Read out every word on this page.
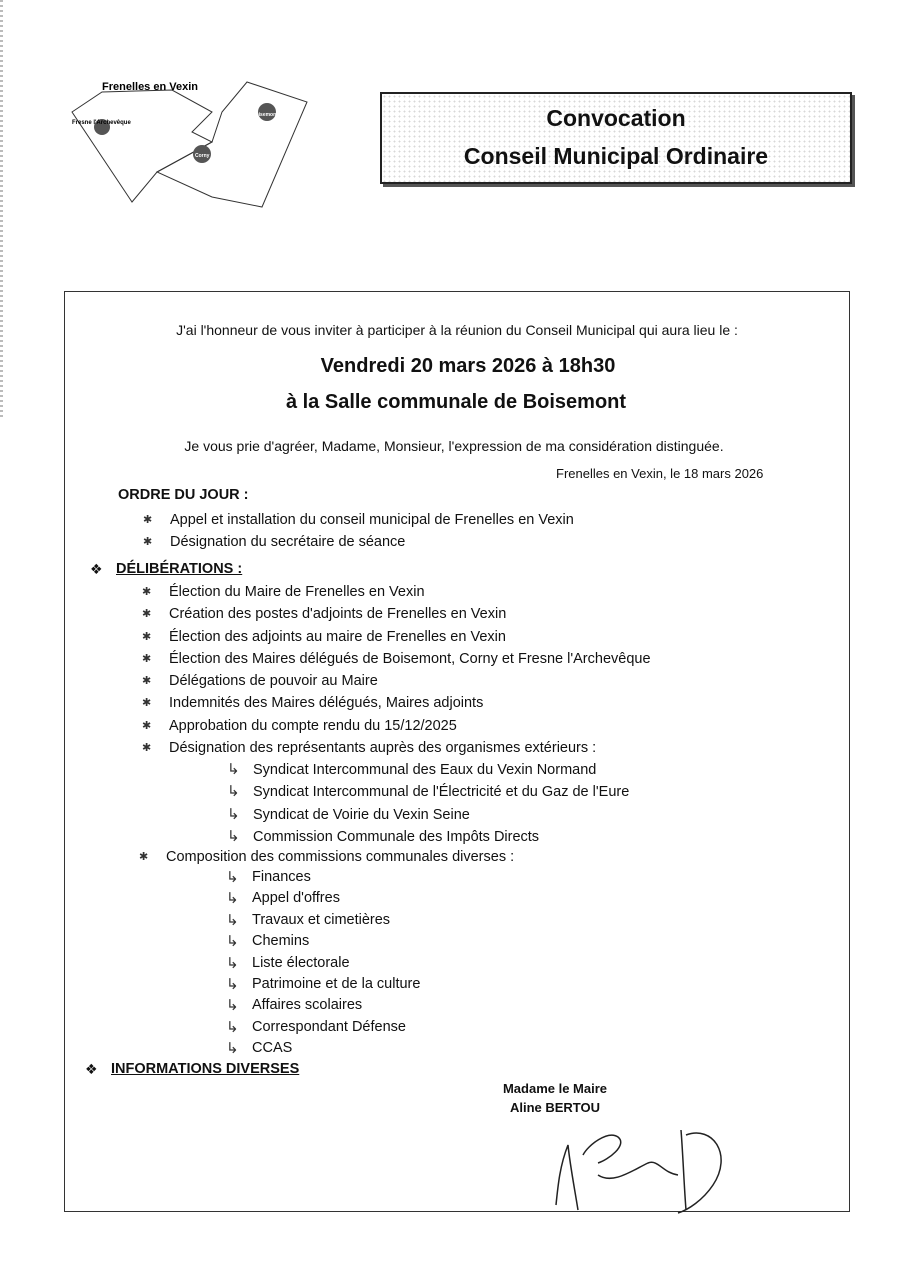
Frenelles en Vexin
Fresne l'Archevêque
Boisemont
Corny
Convocation
Conseil Municipal Ordinaire
J'ai l'honneur de vous inviter à participer à la réunion du Conseil Municipal qui aura lieu le :
Vendredi 20 mars 2026 à 18h30
à la Salle communale de Boisemont
Je vous prie d'agréer, Madame, Monsieur, l'expression de ma considération distinguée.
Frenelles en Vexin, le 18 mars 2026
ORDRE DU JOUR :
✱ Appel et installation du conseil municipal de Frenelles en Vexin
✱ Désignation du secrétaire de séance
❖ DÉLIBÉRATIONS :
✱ Élection du Maire de Frenelles en Vexin
✱ Création des postes d'adjoints de Frenelles en Vexin
✱ Élection des adjoints au maire de Frenelles en Vexin
✱ Élection des Maires délégués de Boisemont, Corny et Fresne l'Archevêque
✱ Délégations de pouvoir au Maire
✱ Indemnités des Maires délégués, Maires adjoints
✱ Approbation du compte rendu du 15/12/2025
✱ Désignation des représentants auprès des organismes extérieurs :
↳ Syndicat Intercommunal des Eaux du Vexin Normand
↳ Syndicat Intercommunal de l'Électricité et du Gaz de l'Eure
↳ Syndicat de Voirie du Vexin Seine
↳ Commission Communale des Impôts Directs
✱ Composition des commissions communales diverses :
↳ Finances
↳ Appel d'offres
↳ Travaux et cimetières
↳ Chemins
↳ Liste électorale
↳ Patrimoine et de la culture
↳ Affaires scolaires
↳ Correspondant Défense
↳ CCAS
❖ INFORMATIONS DIVERSES
Madame le Maire
Aline BERTOU
